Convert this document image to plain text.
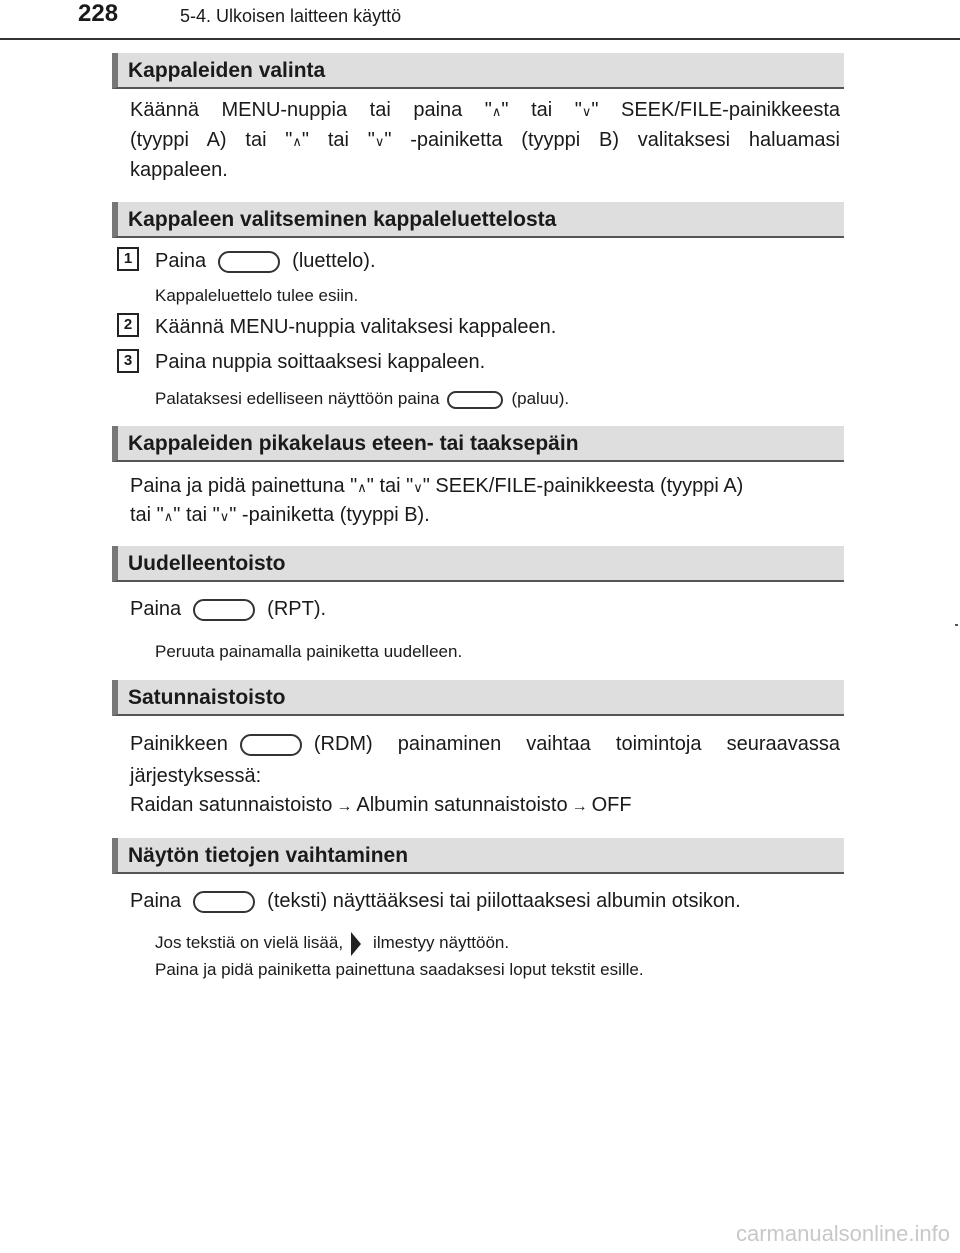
228	5-4. Ulkoisen laitteen käyttö
Kappaleiden valinta
Käännä MENU-nuppia tai paina "∧" tai "∨" SEEK/FILE-painikkeesta
(tyyppi A) tai "∧" tai "∨" -painiketta (tyyppi B) valitaksesi haluamasi
kappaleen.
Kappaleen valitseminen kappaleluettelosta
1	Paina	(luettelo).
Kappaleluettelo tulee esiin.
2	Käännä MENU-nuppia valitaksesi kappaleen.
3	Paina nuppia soittaaksesi kappaleen.
Palataksesi edelliseen näyttöön paina	(paluu).
Kappaleiden pikakelaus eteen- tai taaksepäin
Paina ja pidä painettuna "∧" tai "∨" SEEK/FILE-painikkeesta (tyyppi A)
tai "∧" tai "∨" -painiketta (tyyppi B).
Uudelleentoisto
Paina	(RPT).
Peruuta painamalla painiketta uudelleen.
Satunnaistoisto
Painikkeen	(RDM) painaminen vaihtaa toimintoja seuraavassa
järjestyksessä:
Raidan satunnaistoisto → Albumin satunnaistoisto → OFF
Näytön tietojen vaihtaminen
Paina	(teksti) näyttääksesi tai piilottaaksesi albumin otsikon.
Jos tekstiä on vielä lisää, ilmestyy näyttöön.
Paina ja pidä painiketta painettuna saadaksesi loput tekstit esille.
carmanualsonline.info
